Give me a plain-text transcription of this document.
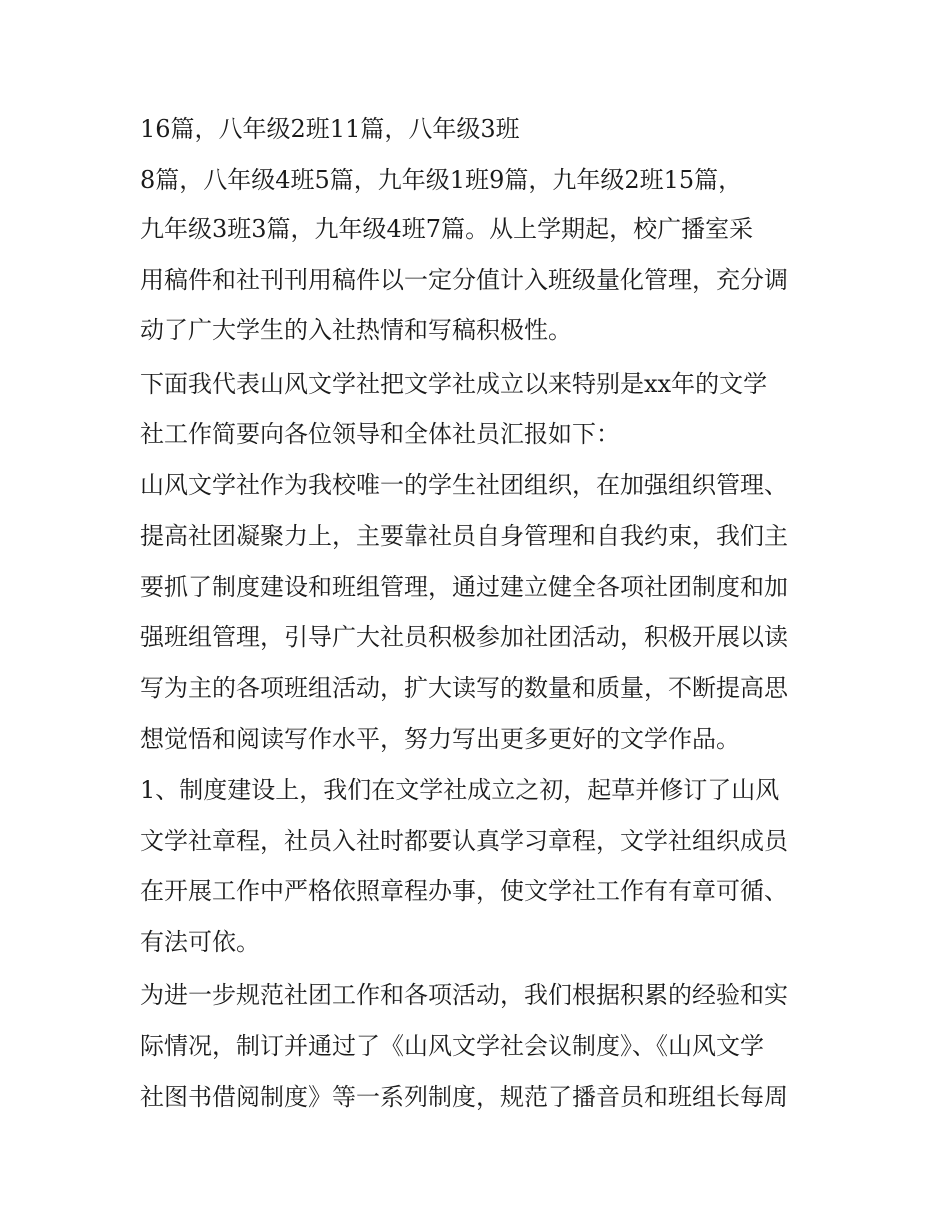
16篇，八年级2班11篇，八年级3班

8篇，八年级4班5篇，九年级1班9篇，九年级2班15篇，

九年级3班3篇，九年级4班7篇。从上学期起，校广播室采

用稿件和社刊刊用稿件以一定分值计入班级量化管理，充分调

动了广大学生的入社热情和写稿积极性。

下面我代表山风文学社把文学社成立以来特别是xx年的文学

社工作简要向各位领导和全体社员汇报如下：

山风文学社作为我校唯一的学生社团组织，在加强组织管理、

提高社团凝聚力上，主要靠社员自身管理和自我约束，我们主

要抓了制度建设和班组管理，通过建立健全各项社团制度和加

强班组管理，引导广大社员积极参加社团活动，积极开展以读

写为主的各项班组活动，扩大读写的数量和质量，不断提高思

想觉悟和阅读写作水平，努力写出更多更好的文学作品。

1、制度建设上，我们在文学社成立之初，起草并修订了山风

文学社章程，社员入社时都要认真学习章程，文学社组织成员

在开展工作中严格依照章程办事，使文学社工作有有章可循、

有法可依。

为进一步规范社团工作和各项活动，我们根据积累的经验和实

际情况，制订并通过了《山风文学社会议制度》、《山风文学

社图书借阅制度》等一系列制度，规范了播音员和班组长每周
